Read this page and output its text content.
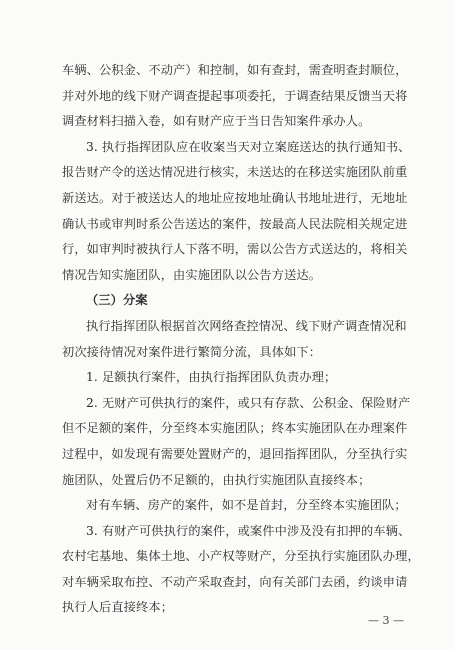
车辆、公积金、不动产）和控制，如有查封，需查明查封顺位，
并对外地的线下财产调查提起事项委托，于调查结果反馈当天将
调查材料扫描入卷，如有财产应于当日告知案件承办人。
3. 执行指挥团队应在收案当天对立案庭送达的执行通知书、
报告财产令的送达情况进行核实，未送达的在移送实施团队前重
新送达。对于被送达人的地址应按地址确认书地址进行，无地址
确认书或审判时系公告送达的案件，按最高人民法院相关规定进
行，如审判时被执行人下落不明，需以公告方式送达的，将相关
情况告知实施团队，由实施团队以公告方送达。
（三）分案
执行指挥团队根据首次网络查控情况、线下财产调查情况和
初次接待情况对案件进行繁简分流，具体如下：
1. 足额执行案件，由执行指挥团队负责办理；
2. 无财产可供执行的案件，或只有存款、公积金、保险财产
但不足额的案件，分至终本实施团队；终本实施团队在办理案件
过程中，如发现有需要处置财产的，退回指挥团队，分至执行实
施团队，处置后仍不足额的，由执行实施团队直接终本；
对有车辆、房产的案件，如不是首封，分至终本实施团队；
3. 有财产可供执行的案件，或案件中涉及没有扣押的车辆、
农村宅基地、集体土地、小产权等财产，分至执行实施团队办理，
对车辆采取布控、不动产采取查封，向有关部门去函，约谈申请
执行人后直接终本；
— 3 —
